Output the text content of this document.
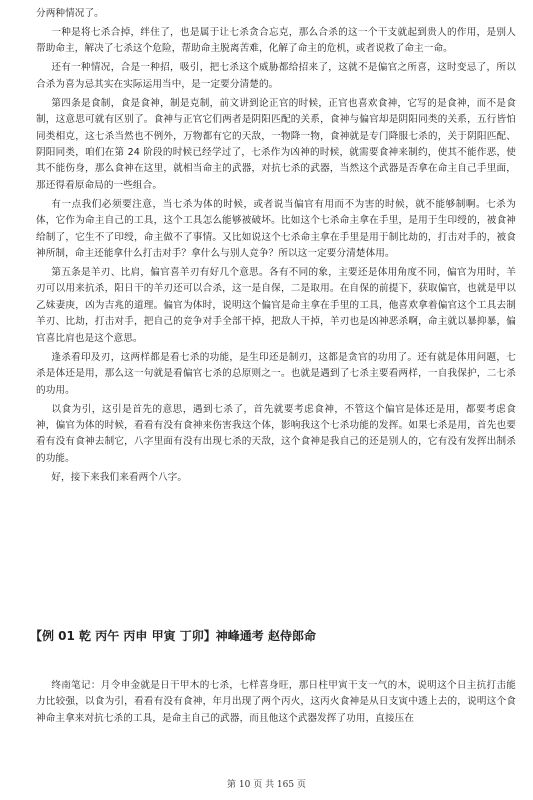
分两种情况了。

一种是将七杀合掉，绊住了，也是属于让七杀贪合忘克，那么合杀的这一个干支就起到贵人的作用，是别人帮助命主，解决了七杀这个危险，帮助命主脱离苦难，化解了命主的危机，或者说救了命主一命。

还有一种情况，合是一种招，吸引，把七杀这个威胁都给招来了，这就不是偏官之所喜，这时变忌了，所以合杀为喜为忌其实在实际运用当中，是一定要分清楚的。

第四条是食制，食是食神，制是克制，前文讲到论正官的时候，正官也喜欢食神，它写的是食神，而不是食制，这意思可就有区别了。食神与正官它们两者是阴阳匹配的关系，食神与偏官却是阴阳同类的关系，五行皆怕同类相克，这七杀当然也不例外，万物都有它的天敌，一物降一物，食神就是专门降服七杀的，关于阴阳匹配、阴阳同类，咱们在第 24 阶段的时候已经学过了，七杀作为凶神的时候，就需要食神来制约，使其不能作恶，使其不能伤身，那么食神在这里，就相当命主的武器，对抗七杀的武器，当然这个武器是否拿在命主自己手里面，那还得看原命局的一些组合。

有一点我们必须要注意，当七杀为体的时候，或者说当偏官有用而不为害的时候，就不能够制啊。七杀为体，它作为命主自己的工具，这个工具怎么能够被破坏。比如这个七杀命主拿在手里，是用于生印绶的，被食神给制了，它生不了印绶，命主做不了事情。又比如说这个七杀命主拿在手里是用于制比劫的，打击对手的，被食神所制，命主还能拿什么打击对手？拿什么与别人竞争？所以这一定要分清楚体用。

第五条是羊刃、比肩，偏官喜羊刃有好几个意思。各有不同的象，主要还是体用角度不同，偏官为用时，羊刃可以用来抗杀，阳日干的羊刃还可以合杀，这一是自保，二是取用。在自保的前提下，获取偏官，也就是甲以乙妹妻庚，凶为吉兆的道理。偏官为体时，说明这个偏官是命主拿在手里的工具，他喜欢拿着偏官这个工具去制羊刃、比劫，打击对手，把自己的竞争对手全部干掉，把敌人干掉，羊刃也是凶神恶杀啊，命主就以暴抑暴，偏官喜比肩也是这个意思。

逢杀看印及刃，这两样都是看七杀的功能，是生印还是制刃，这都是贪官的功用了。还有就是体用问题，七杀是体还是用，那么这一句就是看偏官七杀的总原则之一。也就是遇到了七杀主要看两样，一自我保护，二七杀的功用。

以食为引，这引是首先的意思，遇到七杀了，首先就要考虑食神，不管这个偏官是体还是用，都要考虑食神，偏官为体的时候，看看有没有食神来伤害我这个体，影响我这个七杀功能的发挥。如果七杀是用，首先也要看有没有食神去制它，八字里面有没有出现七杀的天敌，这个食神是我自己的还是别人的，它有没有发挥出制杀的功能。

好，接下来我们来看两个八字。

【例 01 乾 丙午 丙申 甲寅 丁卯】神峰通考 赵侍郎命

终南笔记：月令申金就是日干甲木的七杀，七样喜身旺，那日柱甲寅干支一气的木，说明这个日主抗打击能力比较强，以食为引，看看有没有食神，年月出现了两个丙火，这丙火食神是从日支寅中透上去的，说明这个食神命主拿来对抗七杀的工具，是命主自己的武器，而且他这个武器发挥了功用，直接压在

第 10 页 共 165 页
